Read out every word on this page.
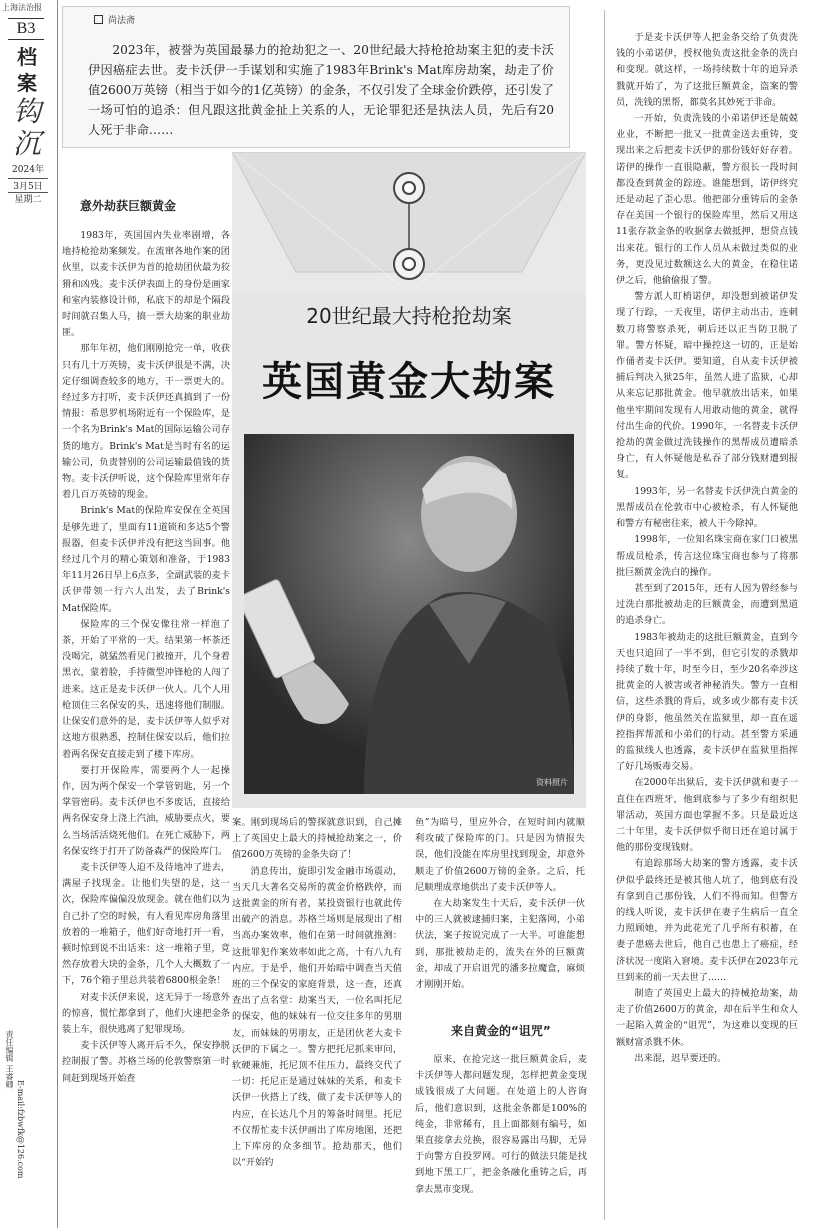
上海法治报
B3
档案
钩沉
2024年
3月5日
星期二
责任编辑 王睿卿
E-mail:fzbwfk@126.com
尚法斋
2023年，被誉为英国最暴力的抢劫犯之一、20世纪最大持枪抢劫案主犯的麦卡沃伊因癌症去世。麦卡沃伊一手谋划和实施了1983年Brink's Mat库房劫案，劫走了价值2600万英镑（相当于如今的1亿英镑）的金条，不仅引发了全球金价跌停，还引发了一场可怕的追杀：但凡跟这批黄金扯上关系的人，无论罪犯还是执法人员，先后有20人死于非命……
意外劫获巨额黄金

1983年，英国国内失业率剧增，各地持枪抢劫案频发。在流窜各地作案的团伙里，以麦卡沃伊为首的抢劫团伙最为狡猾和凶残。麦卡沃伊表面上的身份是画家和室内装修设计师，私底下的却是个隔段时间就召集人马，搞一票大劫案的职业劫匪。

那年年初，他们刚刚抢完一单，收获只有几十万英镑，麦卡沃伊很是不满，决定仔细调查较多的地方，干一票更大的。经过多方打听，麦卡沃伊还真搞到了一份情报：希思罗机场附近有一个保险库，是一个名为Brink's Mat的国际运输公司存货的地方。Brink's Mat是当时有名的运输公司，负责替别的公司运输最值钱的货物。麦卡沃伊听说，这个保险库里常年存着几百万英镑的现金。

Brink's Mat的保险库安保在全英国是够先进了，里面有11道锁和多达5个警报器，但麦卡沃伊并没有把这当回事。他经过几个月的精心策划和准备，于1983年11月26日早上6点多，全副武装的麦卡沃伊带领一行六人出发，去了Brink's Mat保险库。

保险库的三个保安像往常一样泡了茶，开始了平常的一天。结果第一杯茶还没喝完，就猛然看见门被撞开，几个身着黑衣，蒙着脸，手持微型冲锋枪的人闯了进来。这正是麦卡沃伊一伙人。几个人用枪顶住三名保安的头，迅速将他们制服。让保安们意外的是，麦卡沃伊等人似乎对这地方很熟悉，控制住保安以后，他们拉着两名保安直接走到了楼下库房。

要打开保险库，需要两个人一起操作，因为两个保安一个掌管钥匙，另一个掌管密码。麦卡沃伊也不多废话，直接给两名保安身上浇上汽油，威胁要点火，要么当场活活烧死他们。在死亡威胁下，两名保安终于打开了防备森严的保险库门。

麦卡沃伊等人迫不及待地冲了进去，满屋子找现金。让他们失望的是，这一次，保险库偏偏没放现金。就在他们以为自己扑了空的时候，有人看见库房角落里放着的一堆箱子，他们好奇地打开一看，顿时惊到说不出话来：这一堆箱子里，竟然存放着大块的金条，几个人大概数了一下，76个箱子里总共装着6800根金条！

对麦卡沃伊来说，这无异于一场意外的惊喜，慌忙都拿到了，他们火速把金条装上车，很快逃离了犯罪现场。

麦卡沃伊等人离开后不久，保安挣脱控制报了警。苏格兰场的伦敦警察第一时间赶到现场开始查

20世纪最大持枪抢劫案
英国黄金大劫案
资料照片

案。刚到现场后的警探就意识到，自己摊上了英国史上最大的持械抢劫案之一，价值2600万英镑的金条失窃了！

消息传出，旋即引发金融市场震动，当天几大著名交易所的黄金价格跌停，而这批黄金的所有者，某投资银行也就此传出破产的消息。苏格兰场则是展现出了相当高办案效率，他们在第一时间就推测：这批罪犯作案效率如此之高，十有八九有内应。于是乎，他们开始暗中调查当天值班的三个保安的家庭背景，这一查，还真查出了点名堂：劫案当天，一位名叫托尼的保安，他的妹妹有一位交往多年的男朋友，而妹妹的男朋友，正是团伙老大麦卡沃伊的下属之一。警方把托尼抓来审问，软硬兼施，托尼顶不住压力，最终交代了一切：托尼正是通过妹妹的关系，和麦卡沃伊一伙搭上了线，做了麦卡沃伊等人的内应，在长达几个月的筹备时间里。托尼不仅帮忙麦卡沃伊画出了库房地图，还把上下库房的众多细节。抢劫那天，他们以“开始钓

鱼”为暗号，里应外合，在短时间内就顺利攻破了保险库的门。只是因为情报失误，他们没能在库房里找到现金，却意外顺走了价值2600万镑的金条。之后，托尼顺理成章地供出了麦卡沃伊等人。

在大劫案发生十天后，麦卡沃伊一伙中的三人就被逮捕归案，主犯落网，小弟伏法，案子按说完成了一大半。可谁能想到，那批被劫走的，流失在外的巨额黄金，却成了开启诅咒的潘多拉魔盒，麻烦才刚刚开始。

来自黄金的“诅咒”

原来，在抢完这一批巨额黄金后，麦卡沃伊等人都问题发现，怎样把黄金变现成钱很成了大问题。在处道上的人咨询后，他们意识到，这批金条都是100%的纯金，非常稀有，且上面都刻有编号，如果直接拿去兑换，很容易露出马脚，无异于向警方自投罗网。可行的做法只能是找到地下黑工厂，把金条融化重铸之后，再拿去黑市变现。

于是麦卡沃伊等人把金条交给了负责洗钱的小弟诺伊，授权他负责这批金条的洗白和变现。就这样，一场持续数十年的追异杀戮就开始了，为了这批巨额黄金，盗案的警员，洗钱的黑帮，都莫名其妙死于非命。

一开始，负责洗钱的小弟诺伊还是兢兢业业，不断把一批又一批黄金送去重铸，变现出来之后把麦卡沃伊的那份钱好好存着。诺伊的操作一直很隐蔽，警方很长一段时间都没查到黄金的踪迹。谁能想到，诺伊终究还是动起了歪心思。他把部分重铸后的金条存在美国一个银行的保险库里，然后又用这11张存款金条的收据拿去做抵押，想贷点钱出来花。银行的工作人员从未做过类似的业务，更没见过数额这么大的黄金，在稳住诺伊之后，他偷偷报了警。

警方派人盯梢诺伊，却没想到被诺伊发现了行踪，一天夜里，诺伊主动出击，连刺数刀将警察杀死，刺后还以正当防卫脱了罪。警方怀疑，暗中操控这一切的，正是始作俑者麦卡沃伊。要知道，自从麦卡沃伊被捕后判决入狱25年，虽然人进了监狱，心却从来忘记那批黄金。他早就放出话来，如果他坐牢期间发现有人用敢动他的黄金，就得付出生命的代价。1990年，一名替麦卡沃伊抢劫的黄金做过洗钱操作的黑帮成员遭暗杀身亡，有人怀疑他是私吞了部分钱财遭到报复。

1993年，另一名替麦卡沃伊洗白黄金的黑帮成员在伦敦市中心被枪杀，有人怀疑他和警方有秘密往来，被人干今除掉。

1998年，一位知名珠宝商在家门口被黑帮成员枪杀，传言这位珠宝商也参与了将那批巨额黄金洗白的操作。

甚至到了2015年，还有人因为曾经参与过洗白那批被劫走的巨额黄金，而遭到黑道的追杀身亡。

1983年被劫走的这批巨额黄金，直到今天也只追回了一半不到，但它引发的杀戮却持续了数十年，时至今日，至少20名牵涉这批黄金的人被害或者神秘消失。警方一直相信，这些杀戮的背后，或多或少都有麦卡沃伊的身影，他虽然关在监狱里，却一直在遥控指挥帮派和小弟们的行动。甚至警方采通的监狱线人也透露，麦卡沃伊在监狱里指挥了好几场贩毒交易。

在2000年出狱后，麦卡沃伊就和妻子一直住在西班牙，他到底参与了多少有组织犯罪活动，英国方面也掌握不多。只是最近这二十年里，麦卡沃伊似乎彻日还在追讨属于他的那份变现钱财。

有追踪那场大劫案的警方透露，麦卡沃伊似乎最终还是被其他人坑了，他到底有没有拿到自己那份钱，人们不得而知。但警方的线人听说，麦卡沃伊在妻子生病后一直全力照顾她，并为此花光了几乎所有积蓄，在妻子患癌去世后，他自己也患上了癌症，经济状况一度陷入窘境。麦卡沃伊在2023年元旦到来的前一天去世了……

制造了英国史上最大的持械抢劫案，劫走了价值2600万的黄金，却在后半生和众人一起陷入黄金的“诅咒”，为这难以变现的巨额财富杀戮不休。

出来混，迟早要还的。
